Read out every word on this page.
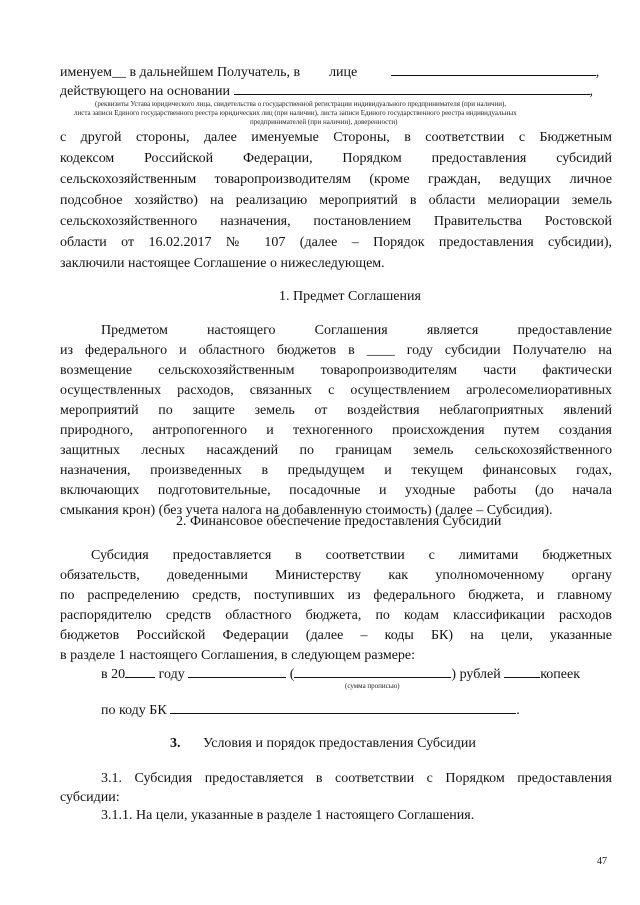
именуем__ в дальнейшем Получатель, в лице	,
действующего на основании	,
(реквизиты Устава юридического лица, свидетельства о государственной регистрации индивидуального предпринимателя (при наличии),
листа записи Единого государственного реестра юридических лиц (при наличии), листа записи Единого государственного реестра индивидуальных
предпринимателей (при наличии), доверенности)
с другой стороны, далее именуемые Стороны, в соответствии с Бюджетным
кодексом Российской Федерации, Порядком предоставления субсидий
сельскохозяйственным товаропроизводителям (кроме граждан, ведущих личное
подсобное хозяйство) на реализацию мероприятий в области мелиорации земель
сельскохозяйственного назначения, постановлением Правительства Ростовской
области от 16.02.2017 № 107 (далее – Порядок предоставления субсидии),
заключили настоящее Соглашение о нижеследующем.
1. Предмет Соглашения
Предметом настоящего Соглашения является предоставление
из федерального и областного бюджетов в ____ году субсидии Получателю на
возмещение сельскохозяйственным товаропроизводителям части фактически
осуществленных расходов, связанных с осуществлением агролесомелиоративных
мероприятий по защите земель от воздействия неблагоприятных явлений
природного, антропогенного и техногенного происхождения путем создания
защитных лесных насаждений по границам земель сельскохозяйственного
назначения, произведенных в предыдущем и текущем финансовых годах,
включающих подготовительные, посадочные и уходные работы (до начала
смыкания крон) (без учета налога на добавленную стоимость) (далее – Субсидия).
2. Финансовое обеспечение предоставления Субсидии
Субсидия предоставляется в соответствии с лимитами бюджетных
обязательств, доведенными Министерству как уполномоченному органу
по распределению средств, поступивших из федерального бюджета, и главному
распорядителю средств областного бюджета, по кодам классификации расходов
бюджетов Российской Федерации (далее – коды БК) на цели, указанные
в разделе 1 настоящего Соглашения, в следующем размере:
в 20 году	(	) рублей	копеек
(сумма прописью)
по коду БК	.
3. Условия и порядок предоставления Субсидии
3.1. Субсидия предоставляется в соответствии с Порядком предоставления
субсидии:
3.1.1. На цели, указанные в разделе 1 настоящего Соглашения.
47
